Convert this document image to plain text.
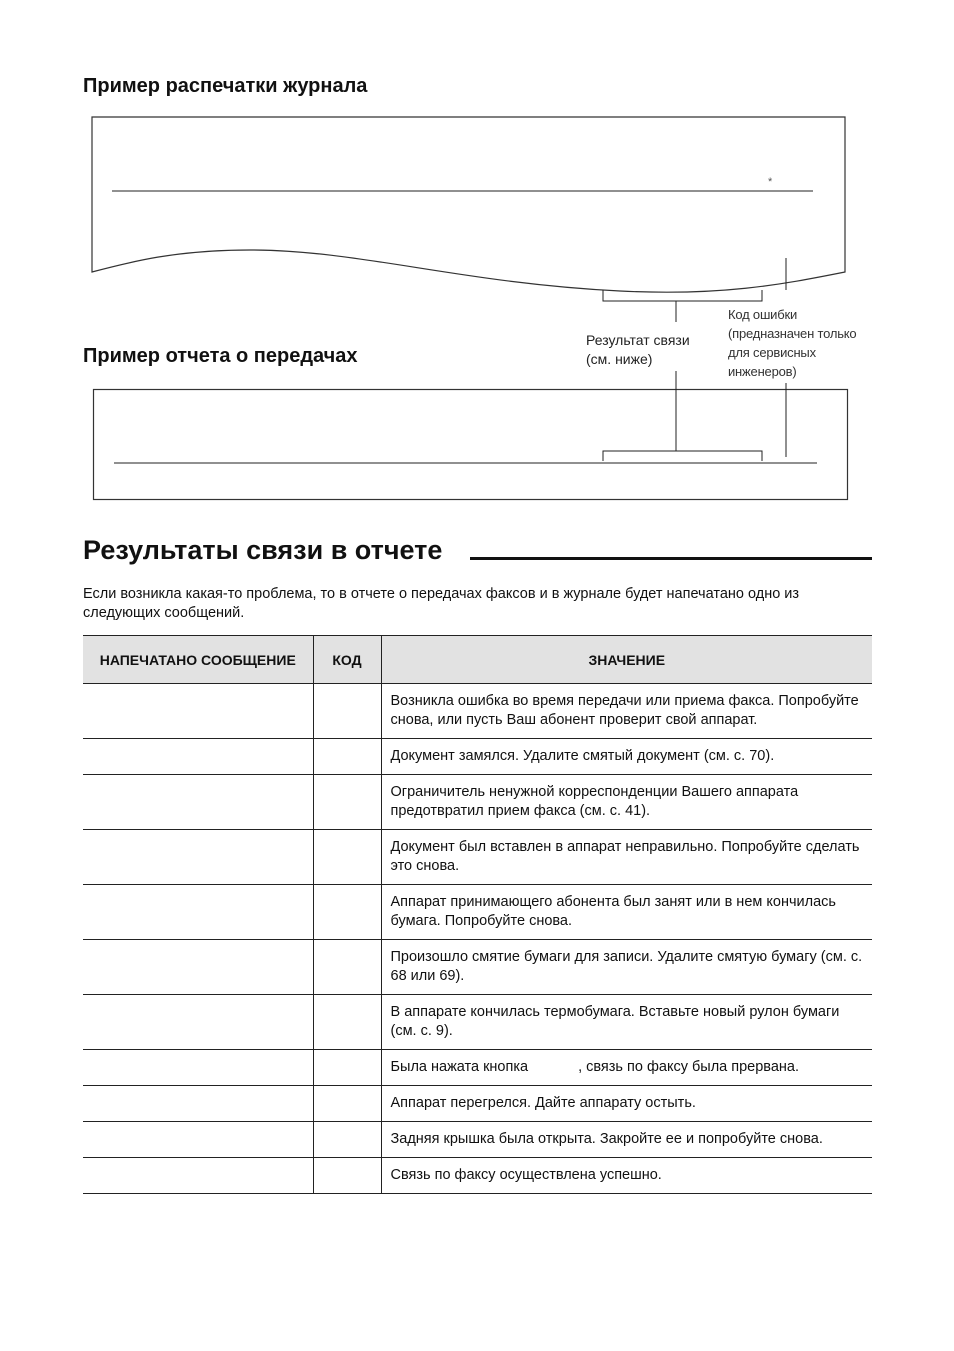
Пример распечатки журнала
*
Результат связи
(см. ниже)
Код ошибки
(предназначен только
для сервисных
инженеров)
Пример отчета о передачах
Результаты связи в отчете
Если возникла какая-то проблема, то в отчете о передачах факсов и в журнале будет напечатано одно из следующих сообщений.
НАПЕЧАТАНО СООБЩЕНИЕ	КОД	ЗНАЧЕНИЕ
		Возникла ошибка во время передачи или приема факса. Попробуйте снова, или пусть Ваш абонент проверит свой аппарат.
		Документ замялся. Удалите смятый документ (см. с. 70).
		Ограничитель ненужной корреспонденции Вашего аппарата предотвратил прием факса (см. с. 41).
		Документ был вставлен в аппарат неправильно. Попробуйте сделать это снова.
		Аппарат принимающего абонента был занят или в нем кончилась бумага. Попробуйте снова.
		Произошло смятие бумаги для записи. Удалите смятую бумагу (см. с. 68 или 69).
		В аппарате кончилась термобумага. Вставьте новый рулон бумаги (см. с. 9).
		Была нажата кнопка , связь по факсу была прервана.
		Аппарат перегрелся. Дайте аппарату остыть.
		Задняя крышка была открыта. Закройте ее и попробуйте снова.
		Связь по факсу осуществлена успешно.
